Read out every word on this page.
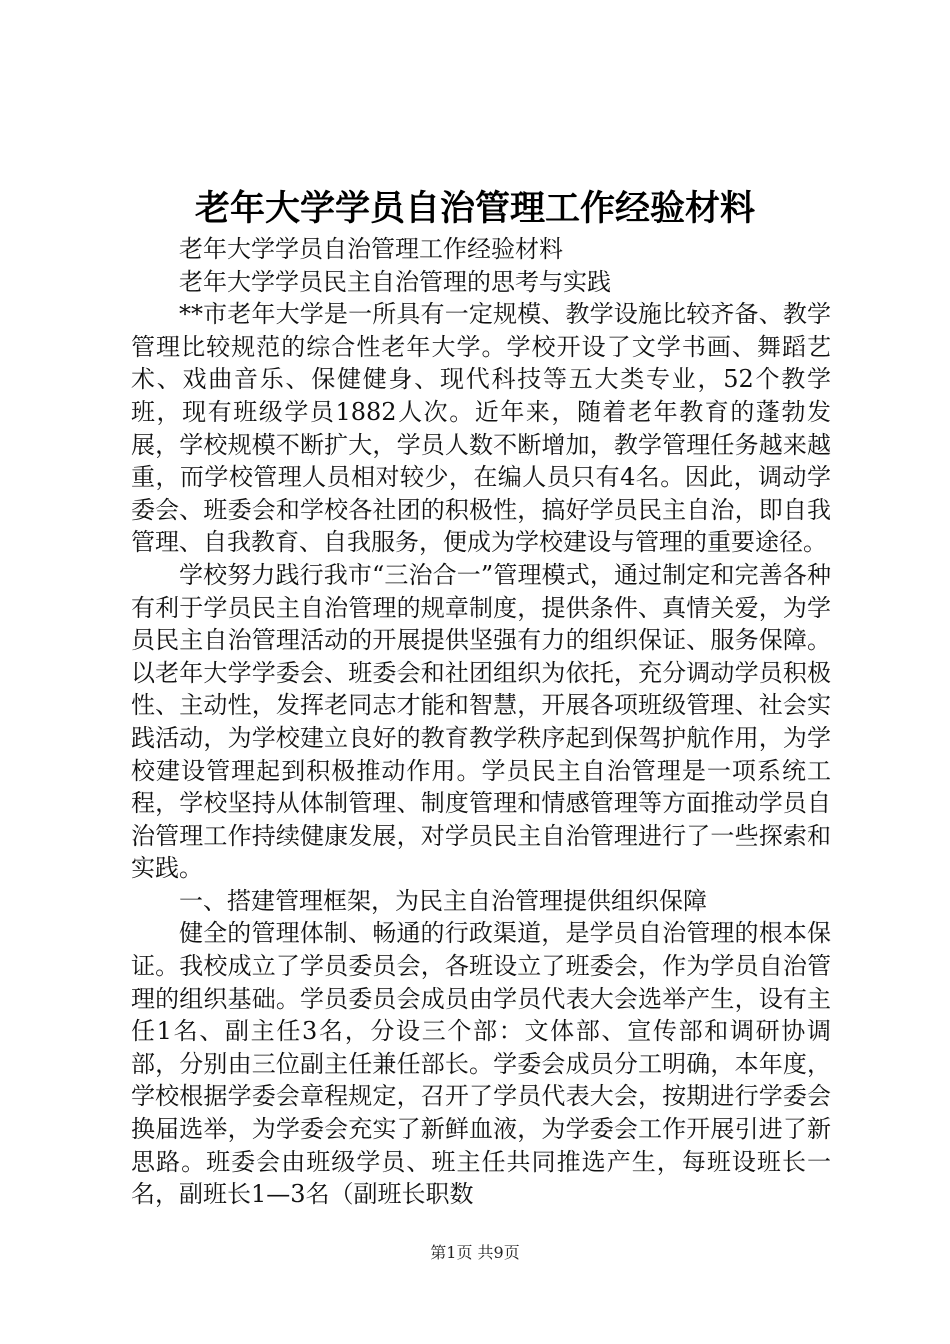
老年大学学员自治管理工作经验材料

老年大学学员自治管理工作经验材料

老年大学学员民主自治管理的思考与实践

**市老年大学是一所具有一定规模、教学设施比较齐备、教学管理比较规范的综合性老年大学。学校开设了文学书画、舞蹈艺术、戏曲音乐、保健健身、现代科技等五大类专业，52个教学班，现有班级学员1882人次。近年来，随着老年教育的蓬勃发展，学校规模不断扩大，学员人数不断增加，教学管理任务越来越重，而学校管理人员相对较少，在编人员只有4名。因此，调动学委会、班委会和学校各社团的积极性，搞好学员民主自治，即自我管理、自我教育、自我服务，便成为学校建设与管理的重要途径。

学校努力践行我市“三治合一”管理模式，通过制定和完善各种有利于学员民主自治管理的规章制度，提供条件、真情关爱，为学员民主自治管理活动的开展提供坚强有力的组织保证、服务保障。以老年大学学委会、班委会和社团组织为依托，充分调动学员积极性、主动性，发挥老同志才能和智慧，开展各项班级管理、社会实践活动，为学校建立良好的教育教学秩序起到保驾护航作用，为学校建设管理起到积极推动作用。学员民主自治管理是一项系统工程，学校坚持从体制管理、制度管理和情感管理等方面推动学员自治管理工作持续健康发展，对学员民主自治管理进行了一些探索和实践。

一、搭建管理框架，为民主自治管理提供组织保障

健全的管理体制、畅通的行政渠道，是学员自治管理的根本保证。我校成立了学员委员会，各班设立了班委会，作为学员自治管理的组织基础。学员委员会成员由学员代表大会选举产生，设有主任1名、副主任3名，分设三个部：文体部、宣传部和调研协调部，分别由三位副主任兼任部长。学委会成员分工明确，本年度，学校根据学委会章程规定，召开了学员代表大会，按期进行学委会换届选举，为学委会充实了新鲜血液，为学委会工作开展引进了新思路。班委会由班级学员、班主任共同推选产生，每班设班长一名，副班长1—3名（副班长职数

第1页 共9页
